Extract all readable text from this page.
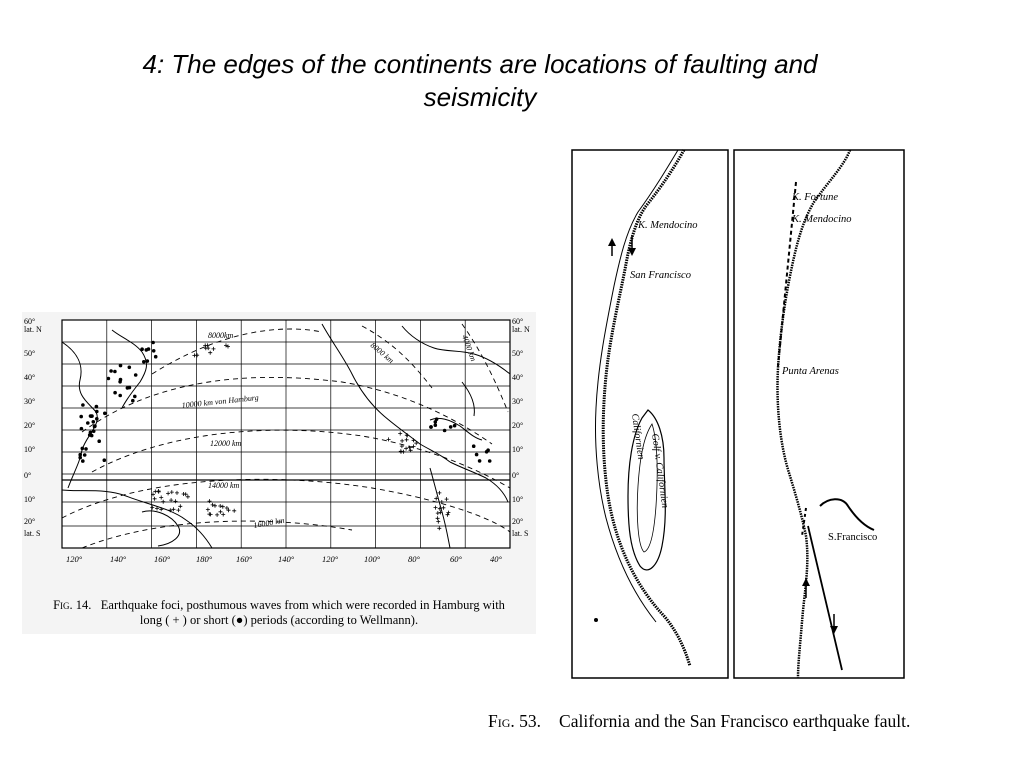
4: The edges of the continents are locations of faulting and seismicity
60°
lat. N
50°
40°
30°
20°
10°
0°
10°
20°
lat. S
60°
lat. N
50°
40°
30°
20°
10°
0°
10°
20°
lat. S
120°	140°	160°	180°	160°	140°	120°	100°	80°	60°	40°
8000km
8000 km	4000 km
10000 km von Hamburg
12000 km
14000 km
16000 km
Fig. 14. Earthquake foci, posthumous waves from which were recorded in Hamburg with
long ( + ) or short (●) periods (according to Wellmann).
K. Mendocino
San Francisco
Golf v. Californien
Californien
K. Fortune
K. Mendocino
Punta Arenas
S.Francisco
Fig. 53. California and the San Francisco earthquake fault.
